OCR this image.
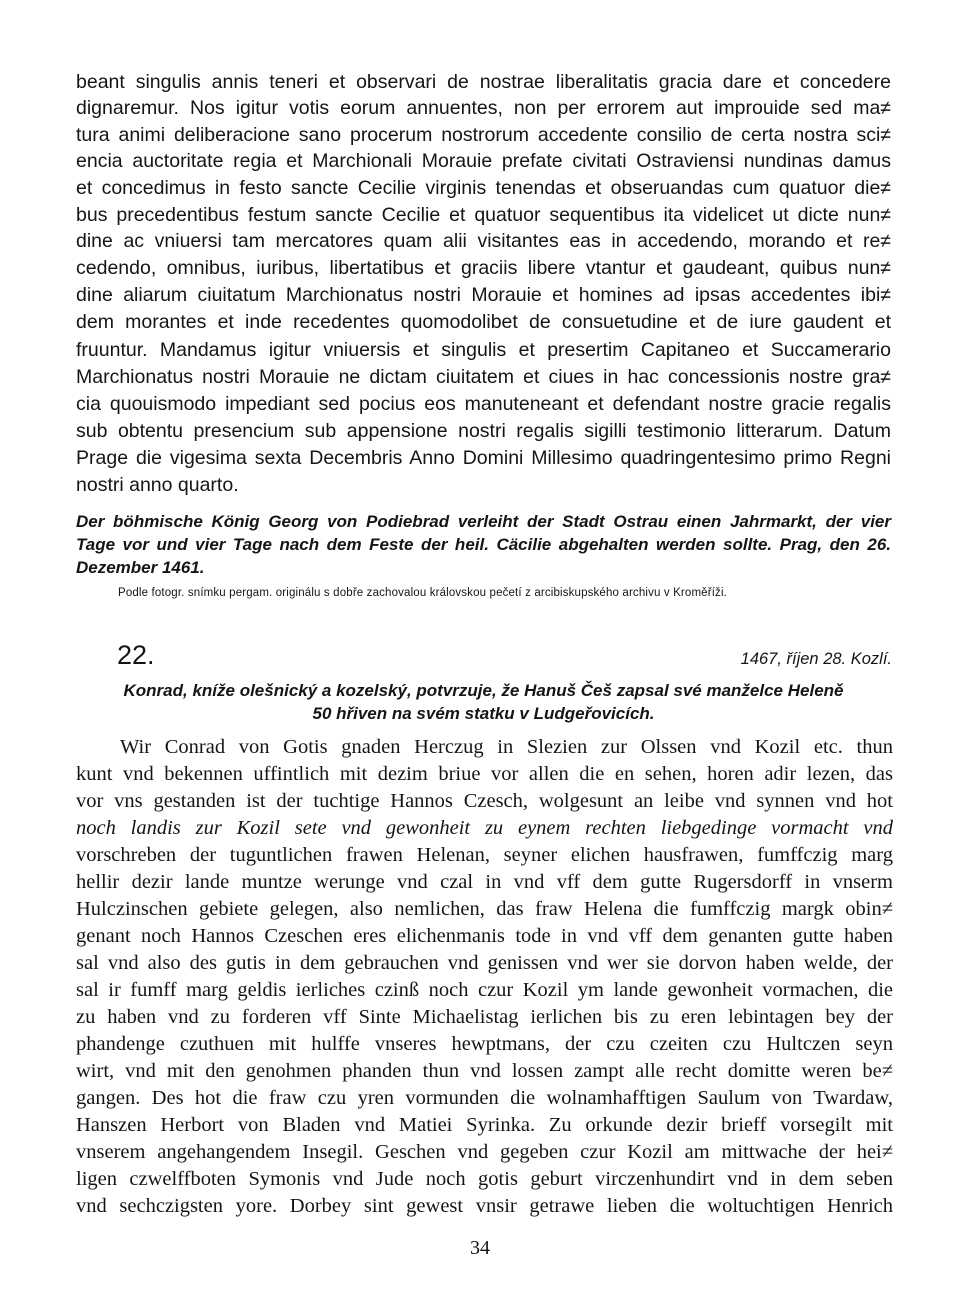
beant singulis annis teneri et observari de nostrae liberalitatis gracia dare et concedere

dignaremur. Nos igitur votis eorum annuentes, non per errorem aut improuide sed ma≠

tura animi deliberacione sano procerum nostrorum accedente consilio de certa nostra sci≠

encia auctoritate regia et Marchionali Morauie prefate civitati Ostraviensi nundinas damus

et concedimus in festo sancte Cecilie virginis tenendas et obseruandas cum quatuor die≠

bus precedentibus festum sancte Cecilie et quatuor sequentibus ita videlicet ut dicte nun≠

dine ac vniuersi tam mercatores quam alii visitantes eas in accedendo, morando et re≠

cedendo, omnibus, iuribus, libertatibus et graciis libere vtantur et gaudeant, quibus nun≠

dine aliarum ciuitatum Marchionatus nostri Morauie et homines ad ipsas accedentes ibi≠

dem morantes et inde recedentes quomodolibet de consuetudine et de iure gaudent et

fruuntur. Mandamus igitur vniuersis et singulis et presertim Capitaneo et Succamerario

Marchionatus nostri Morauie ne dictam ciuitatem et ciues in hac concessionis nostre gra≠

cia quouismodo impediant sed pocius eos manuteneant et defendant nostre gracie regalis

sub obtentu presencium sub appensione nostri regalis sigilli testimonio litterarum. Datum

Prage die vigesima sexta Decembris Anno Domini Millesimo quadringentesimo primo Regni

nostri anno quarto.

Der böhmische König Georg von Podiebrad verleiht der Stadt Ostrau einen Jahrmarkt, der vier

Tage vor und vier Tage nach dem Feste der heil. Cäcilie abgehalten werden sollte. Prag, den 26.

Dezember 1461.

Podle fotogr. snímku pergam. originálu s dobře zachovalou královskou pečetí z arcibiskupského archivu v Kroměříži.

22.	1467, říjen 28. Kozlí.

Konrad, kníže olešnický a kozelský, potvrzuje, že Hanuš Češ zapsal své manželce Heleně

50 hřiven na svém statku v Ludgeřovicích.

Wir Conrad von Gotis gnaden Herczug in Slezien zur Olssen vnd Kozil etc. thun

kunt vnd bekennen uffintlich mit dezim briue vor allen die en sehen, horen adir lezen, das

vor vns gestanden ist der tuchtige Hannos Czesch, wolgesunt an leibe vnd synnen vnd hot

noch landis zur Kozil sete vnd gewonheit zu eynem rechten liebgedinge vormacht vnd

vorschreben der tuguntlichen frawen Helenan, seyner elichen hausfrawen, fumffczig marg

hellir dezir lande muntze werunge vnd czal in vnd vff dem gutte Rugersdorff in vnserm

Hulczinschen gebiete gelegen, also nemlichen, das fraw Helena die fumffczig margk obin≠

genant noch Hannos Czeschen eres elichenmanis tode in vnd vff dem genanten gutte haben

sal vnd also des gutis in dem gebrauchen vnd genissen vnd wer sie dorvon haben welde, der

sal ir fumff marg geldis ierliches czinß noch czur Kozil ym lande gewonheit vormachen, die

zu haben vnd zu forderen vff Sinte Michaelistag ierlichen bis zu eren lebintagen bey der

phandenge czuthuen mit hulffe vnseres hewptmans, der czu czeiten czu Hultczen seyn

wirt, vnd mit den genohmen phanden thun vnd lossen zampt alle recht domitte weren be≠

gangen. Des hot die fraw czu yren vormunden die wolnamhafftigen Saulum von Twardaw,

Hanszen Herbort von Bladen vnd Matiei Syrinka. Zu orkunde dezir brieff vorsegilt mit

vnserem angehangendem Insegil. Geschen vnd gegeben czur Kozil am mittwache der hei≠

ligen czwelffboten Symonis vnd Jude noch gotis geburt virczenhundirt vnd in dem seben

vnd sechczigsten yore. Dorbey sint gewest vnsir getrawe lieben die woltuchtigen Henrich

34
